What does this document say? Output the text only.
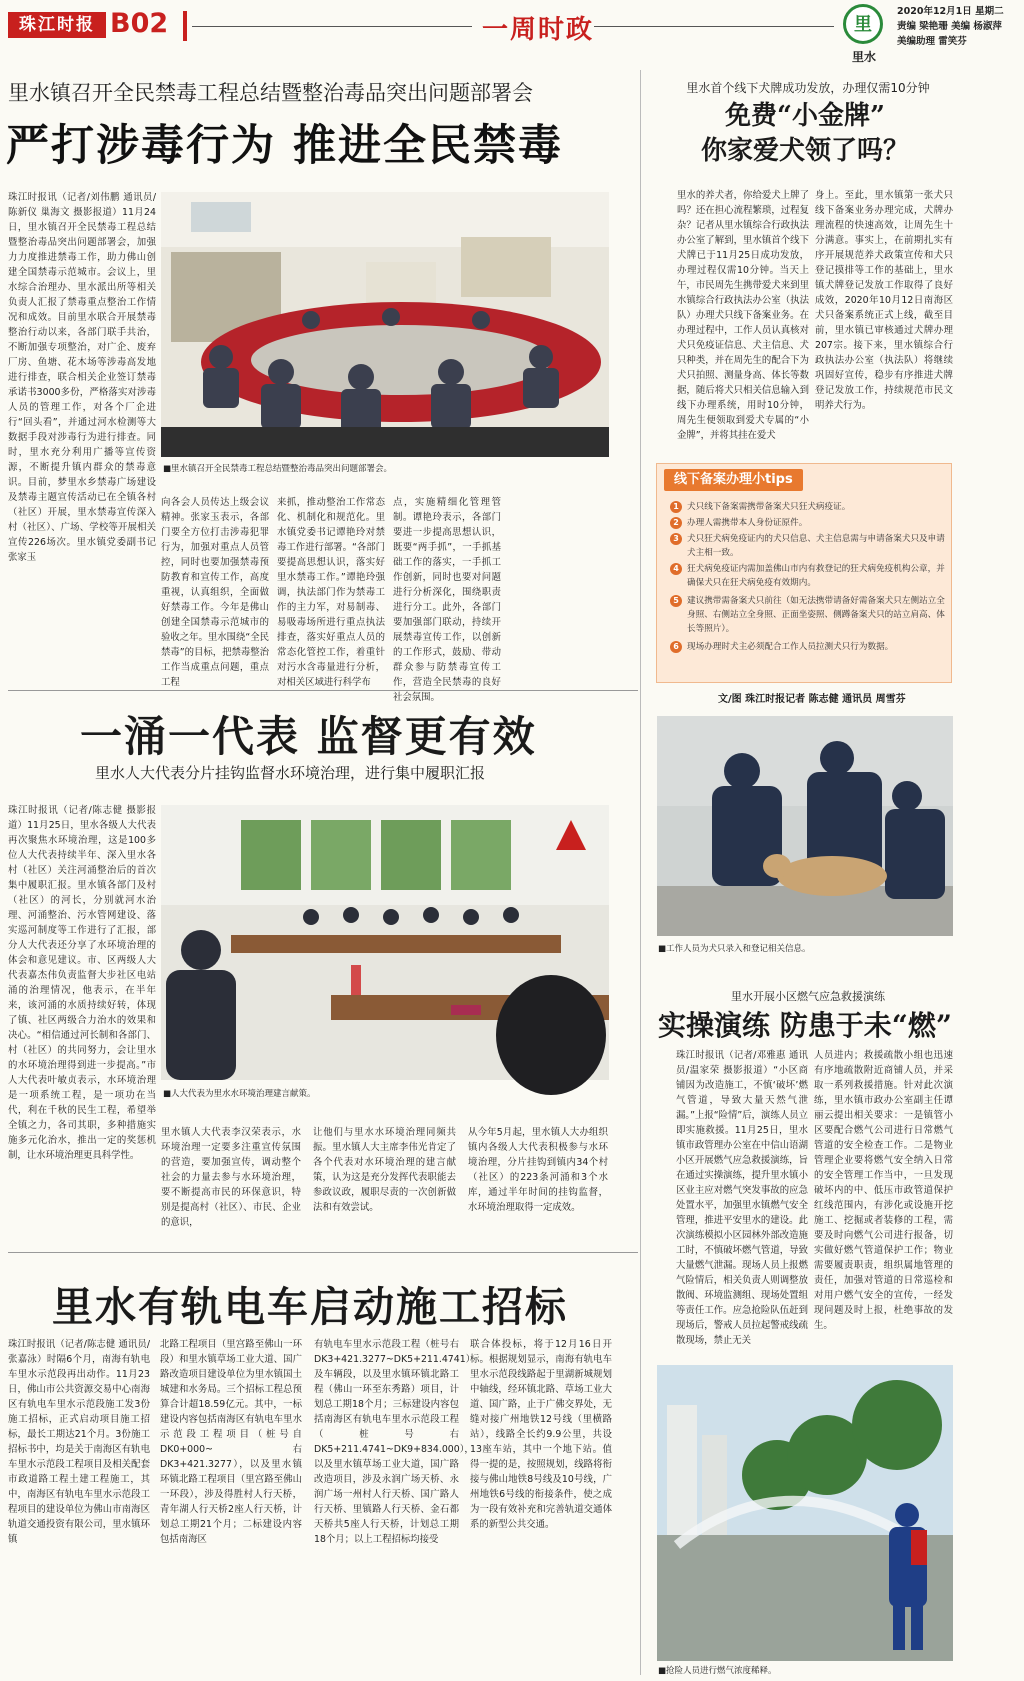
珠江时报 B02	一周时政
里
里水
2020年12月1日 星期二
责编 梁艳珊 美编 杨淑萍
美编助理 雷笑芬
里水镇召开全民禁毒工程总结暨整治毒品突出问题部署会
严打涉毒行为 推进全民禁毒
珠江时报讯（记者/刘伟鹏 通讯员/陈新仪 巢海文 摄影报道）11月24日，里水镇召开全民禁毒工程总结暨整治毒品突出问题部署会，加强力力度推进禁毒工作，助力佛山创建全国禁毒示范城市。会议上，里水综合治理办、里水派出所等相关负责人汇报了禁毒重点整治工作情况和成效。目前里水联合开展禁毒整治行动以来，各部门联手共治，不断加强专项整治，对广企、废弃厂房、鱼塘、花木场等涉毒高发地进行排查，联合相关企业签订禁毒承诺书3000多份，严格落实对涉毒人员的管理工作，对各个厂企进行“回头看”，并通过河水检测等大数据手段对涉毒行为进行排查。同时，里水充分利用广播等宣传资源，不断提升镇内群众的禁毒意识。目前，梦里水乡禁毒广场建设及禁毒主题宣传活动已在全镇各村（社区）开展，里水禁毒宣传深入村（社区）、广场、学校等开展相关宣传226场次。里水镇党委副书记张家玉
■里水镇召开全民禁毒工程总结暨整治毒品突出问题部署会。
向各会人员传达上级会议精神。张家玉表示，各部门要全方位打击涉毒犯罪行为，加强对重点人员管控，同时也要加强禁毒预防教育和宣传工作，高度重视，认真组织，全面做好禁毒工作。今年是佛山创建全国禁毒示范城市的验收之年。里水围绕“全民禁毒”的目标，把禁毒整治工作当成重点问题，重点工程
来抓，推动整治工作常态化、机制化和规范化。里水镇党委书记谭艳玲对禁毒工作进行部署。“各部门要提高思想认识，落实好里水禁毒工作。”谭艳玲强调，执法部门作为禁毒工作的主力军，对易制毒、易吸毒场所进行重点执法排查，落实好重点人员的常态化管控工作，着重针对污水含毒量进行分析，对相关区域进行科学布
点，实施精细化管理管制。谭艳玲表示，各部门要进一步提高思想认识，既要“两手抓”，一手抓基础工作的落实，一手抓工作创新，同时也要对问题进行分析深化，围绕职责进行分工。此外，各部门要加强部门联动，持续开展禁毒宣传工作，以创新的工作形式，鼓励、带动群众参与防禁毒宣传工作，营造全民禁毒的良好社会氛围。
里水首个线下犬牌成功发放，办理仅需10分钟
免费“小金牌”
你家爱犬领了吗？
里水的养犬者，你给爱犬上牌了吗？还在担心流程繁琐，过程复杂？记者从里水镇综合行政执法办公室了解到，里水镇首个线下犬牌已于11月25日成功发放，办理过程仅需10分钟。当天上午，市民周先生携带爱犬来到里水镇综合行政执法办公室（执法队）办理犬只线下备案业务。在办理过程中，工作人员认真核对犬只免疫证信息、犬主信息、犬只种类，并在周先生的配合下为犬只拍照、测量身高、体长等数据，随后将犬只相关信息输入到线下办理系统，用时10分钟，周先生便领取到爱犬专属的“小金牌”，并将其挂在爱犬
身上。至此，里水镇第一张犬只线下备案业务办理完成，犬牌办理流程的快速高效，让周先生十分满意。事实上，在前期扎实有序开展规范养犬政策宣传和犬只登记摸排等工作的基础上，里水镇犬牌登记发放工作取得了良好成效，2020年10月12日南海区犬只备案系统正式上线，截至目前，里水镇已审核通过犬牌办理207宗。接下来，里水镇综合行政执法办公室（执法队）将继续巩固好宣传，稳步有序推进犬牌登记发放工作，持续规范市民文明养犬行为。
线下备案办理小tips
1 犬只线下备案需携带备案犬只狂犬病疫证。
2 办理人需携带本人身份证原件。
3 犬只狂犬病免疫证内的犬只信息、犬主信息需与申请备案犬只及申请犬主相一致。
4 狂犬病免疫证内需加盖佛山市内有救登记的狂犬病免疫机构公章，并确保犬只在狂犬病免疫有效期内。
5 建议携带需备案犬只前往（如无法携带请备好需备案犬只左侧站立全身照、右侧站立全身照、正面坐姿照、侧蹲备案犬只的站立肩高、体长等照片）。
6 现场办理时犬主必须配合工作人员拉测犬只行为数据。
文/图 珠江时报记者 陈志健 通讯员 周雪芬
■工作人员为犬只录入和登记相关信息。
一涌一代表 监督更有效
里水人大代表分片挂钩监督水环境治理，进行集中履职汇报
珠江时报讯（记者/陈志健 摄影报道）11月25日，里水各级人大代表再次聚焦水环境治理，这是100多位人大代表持续半年、深入里水各村（社区）关注河涌整治后的首次集中履职汇报。里水镇各部门及村（社区）的河长，分别就河水治理、河涌整治、污水管网建设、落实巡河制度等工作进行了汇报，部分人大代表还分享了水环境治理的体会和意见建议。市、区两级人大代表嘉杰伟负责监督大步社区电站涌的治理情况，他表示，在半年来，该河涌的水质持续好转，体现了镇、社区两级合力治水的效果和决心。“相信通过河长制和各部门、村（社区）的共同努力，会让里水的水环境治理得到进一步提高。”市人大代表叶敏贞表示，水环境治理是一项系统工程，是一项功在当代，利在千秋的民生工程，希望举全镇之力，各司其职，多种措施实施多元化治水，推出一定的奖惩机制，让水环境治理更具科学性。
■人大代表为里水水环境治理建言献策。
里水镇人大代表李汉荣表示，水环境治理一定要多注重宣传氛围的营造，要加强宣传，调动整个社会的力量去参与水环境治理，要不断提高市民的环保意识，特别是提高村（社区）、市民、企业的意识，
让他们与里水水环境治理同频共振。里水镇人大主席李伟光肯定了各个代表对水环境治理的建言献策，认为这是充分发挥代表职能去参政议政，履职尽责的一次创新做法和有效尝试。
从今年5月起，里水镇人大办组织镇内各级人大代表积极参与水环境治理，分片挂钩到镇内34个村（社区）的223条河涌和3个水库，通过半年时间的挂钩监督，水环境治理取得一定成效。
里水开展小区燃气应急救援演练
实操演练 防患于未“燃”
珠江时报讯（记者/邓雅惠 通讯员/温家荣 摄影报道）“小区商铺因为改造施工，不慎‘破坏’燃气管道，导致大量天然气泄漏。”上报“险情”后，演练人员立即实施救援。11月25日，里水镇市政管理办公室在中信山语湖小区开展燃气应急救援演练，旨在通过实操演练，提升里水镇小区业主应对燃气突发事故的应急处置水平，加强里水镇燃气安全管理，推进平安里水的建设。此次演练模拟小区园林外部改造施工时，不慎破坏燃气管道，导致大量燃气泄漏。现场人员上报燃气险情后，相关负责人则调整放散阀、环境监测组、现场处置组等责任工作。应急抢险队伍赶到现场后，警戒人员拉起警戒线疏散现场，禁止无关
人员进内；救援疏散小组也迅速有序地疏散附近商铺人员，并采取一系列救援措施。针对此次演练，里水镇市政办公室副主任谭丽云提出相关要求：一是镇管小区要配合燃气公司进行日常燃气管道的安全检查工作。二是物业管理企业要将燃气安全纳入日常的安全管理工作当中，一旦发现破坏内的中、低压市政管道保护红线范围内，有涉化或设施开挖施工、挖掘或者装修的工程，需要及时向燃气公司进行报备，切实做好燃气管道保护工作；物业需要履责职责，组织属地管理的责任，加强对管道的日常巡检和对用户燃气安全的宣传，一经发现问题及时上报，杜绝事故的发生。
■抢险人员进行燃气浓度稀释。
里水有轨电车启动施工招标
珠江时报讯（记者/陈志健 通讯员/张嘉泳）时隔6个月，南海有轨电车里水示范段再出动作。11月23日，佛山市公共资源交易中心南海区有轨电车里水示范段施工发3份施工招标，正式启动项目施工招标，最长工期达21个月。3份施工招标书中，均是关于南海区有轨电车里水示范段工程项目及相关配套市政道路工程土建工程施工，其中，南海区有轨电车里水示范段工程项目的建设单位为佛山市南海区轨道交通投资有限公司，里水镇环镇
北路工程项目（里宫路至佛山一环段）和里水镇草场工业大道、国广路改造项目建设单位为里水镇国土城建和水务局。三个招标工程总预算合计超18.59亿元。其中，一标建设内容包括南海区有轨电车里水示范段工程项目（桩号自DK0+000~右DK3+421.3277），以及里水镇环镇北路工程项目（里宫路至佛山一环段），涉及得胜村人行天桥，青年湖人行天桥2座人行天桥，计划总工期21个月；二标建设内容包括南海区
有轨电车里水示范段工程（桩号右DK3+421.3277~DK5+211.4741）及车辆段，以及里水镇环镇北路工程（佛山一环至东秀路）项目，计划总工期18个月；三标建设内容包括南海区有轨电车里水示范段工程（桩号右DK5+211.4741~DK9+834.000），以及里水镇草场工业大道，国广路改造项目，涉及永润广场天桥、永润广场一州村人行天桥、国广路人行天桥、里镇路人行天桥、金石都天桥共5座人行天桥，计划总工期18个月；以上工程招标均接受
联合体投标，将于12月16日开标。根据规划显示，南海有轨电车里水示范段线路起于里湖新城规划中轴线，经环镇北路、草场工业大道、国广路，止于广佛交界处，无缝对接广州地铁12号线（里横路站），线路全长约9.9公里，共设13座车站，其中一个地下站。值得一提的是，按照规划，线路将衔接与佛山地铁8号线及10号线，广州地铁6号线的衔接条件，使之成为一段有效补充和完善轨道交通体系的新型公共交通。
